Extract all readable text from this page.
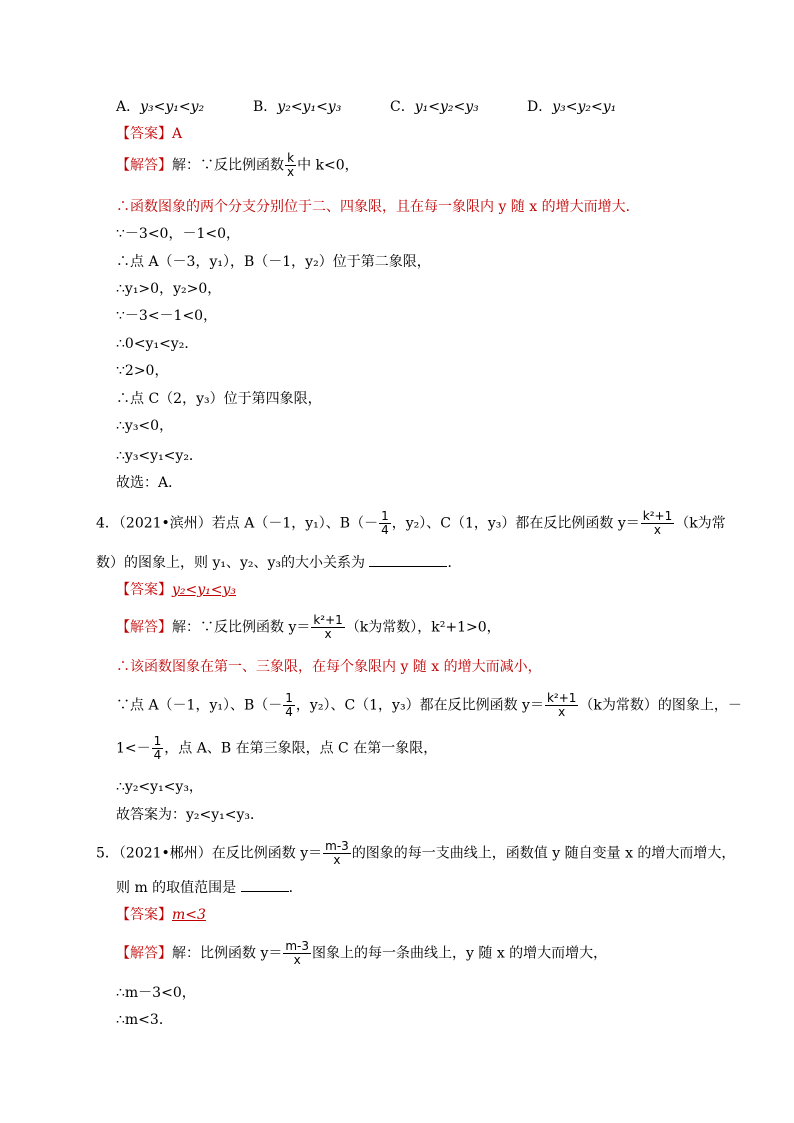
A．y₃<y₁<y₂	B．y₂<y₁<y₃	C．y₁<y₂<y₃	D．y₃<y₂<y₁
【答案】A
【解答】解：∵反比例函数 $\frac{k}{x}$ 中 k<0，
∴函数图象的两个分支分别位于二、四象限，且在每一象限内 y 随 x 的增大而增大．
∵－3<0，－1<0，
∴点 A（－3，y₁），B（－1，y₂）位于第二象限，
∴y₁>0，y₂>0，
∵－3<－1<0，
∴0<y₁<y₂．
∵2>0，
∴点 C（2，y₃）位于第四象限，
∴y₃<0，
∴y₃<y₁<y₂．
故选：A．
4．（2021•滨州）若点 A（－1，y₁）、$B(- \frac{1}{4}$ ，y₂）、C（1，y₃）都在反比例函数 $y= \frac{\text{k²+1}}{x} (k$为常
数）的图象上，则 y₁、y₂、y₃的大小关系为	．
【答案】y₂<y₁<y₃
【解答】解：∵反比例函数 $y= \frac{\text{k²+1}}{x} (k$为常数），k²+1>0，
∴该函数图象在第一、三象限，在每个象限内 y 随 x 的增大而减小，
∵点 A（－1，y₁）、$B(- \frac{1}{4}$ ，y₂）、C（1，y₃）都在反比例函数 $y= \frac{\text{k²+1}}{x} (k$为常数）的图象上，－
$1<- \frac{1}{4}$ ，点 A、B 在第三象限，点 C 在第一象限，
∴y₂<y₁<y₃，
故答案为：y₂<y₁<y₃．
5．（2021•郴州）在反比例函数 $y= \frac{m-3}{x}$ 的图象的每一支曲线上，函数值 y 随自变量 x 的增大而增大，
则 m 的取值范围是	．
【答案】m<3
【解答】解：比例函数 $y= \frac{m-3}{x}$ 图象上的每一条曲线上，y 随 x 的增大而增大，
∴m－3<0，
∴m<3．
